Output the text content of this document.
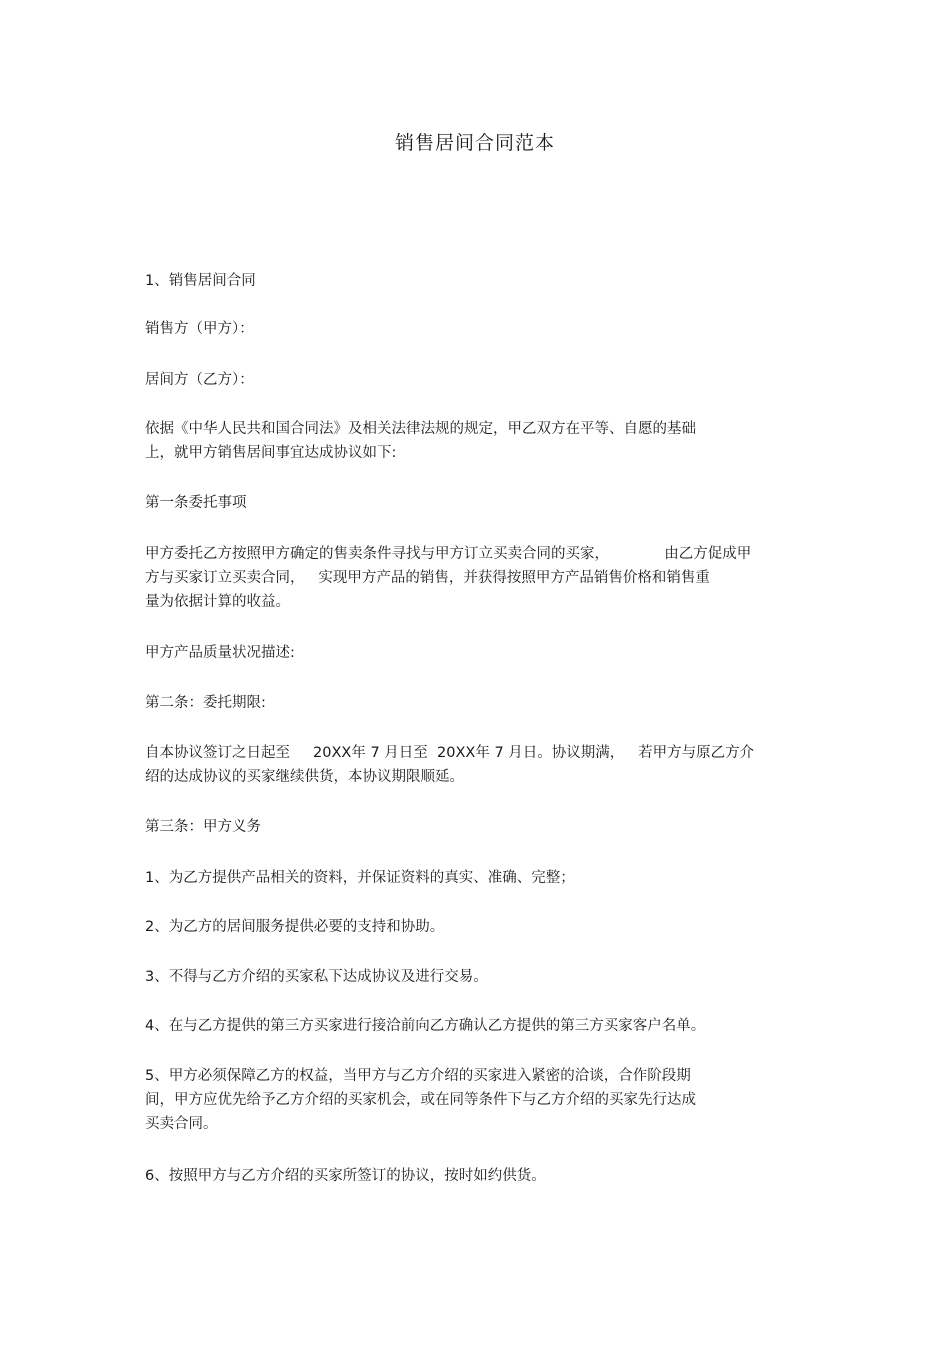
销售居间合同范本
1、销售居间合同
销售方（甲方）：
居间方（乙方）：
依据《中华人民共和国合同法》及相关法律法规的规定，甲乙双方在平等、自愿的基础
上，就甲方销售居间事宜达成协议如下:
第一条委托事项
甲方委托乙方按照甲方确定的售卖条件寻找与甲方订立买卖合同的买家，            由乙方促成甲
方与买家订立买卖合同，   实现甲方产品的销售，并获得按照甲方产品销售价格和销售重
量为依据计算的收益。
甲方产品质量状况描述:
第二条：委托期限:
自本协议签订之日起至     20XX年 7 月日至  20XX年 7 月日。协议期满，   若甲方与原乙方介
绍的达成协议的买家继续供货，本协议期限顺延。
第三条：甲方义务
1、为乙方提供产品相关的资料，并保证资料的真实、准确、完整；
2、为乙方的居间服务提供必要的支持和协助。
3、不得与乙方介绍的买家私下达成协议及进行交易。
4、在与乙方提供的第三方买家进行接洽前向乙方确认乙方提供的第三方买家客户名单。
5、甲方必须保障乙方的权益，当甲方与乙方介绍的买家进入紧密的洽谈，合作阶段期
间，甲方应优先给予乙方介绍的买家机会，或在同等条件下与乙方介绍的买家先行达成
买卖合同。
6、按照甲方与乙方介绍的买家所签订的协议，按时如约供货。
